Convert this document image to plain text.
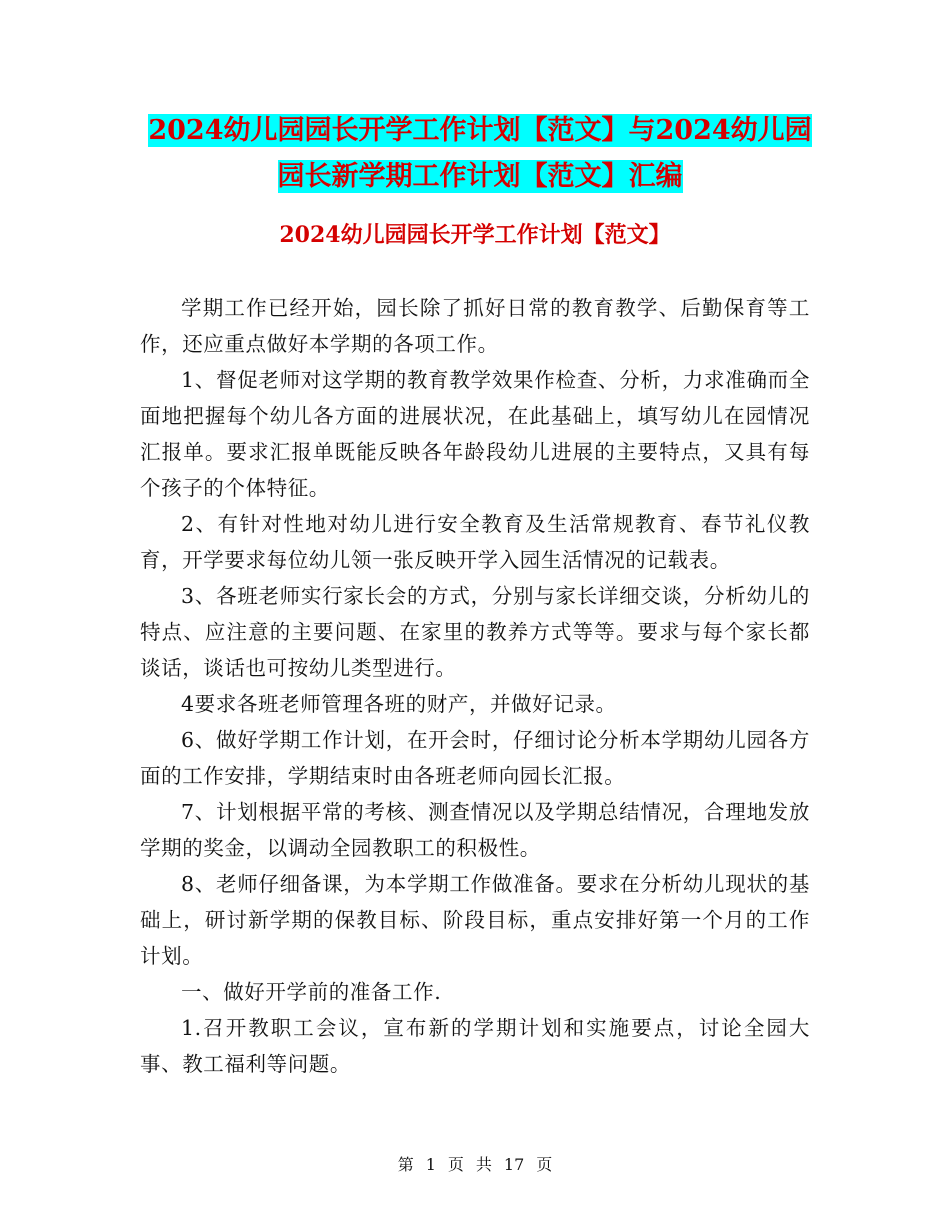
2024幼儿园园长开学工作计划【范文】与2024幼儿园
园长新学期工作计划【范文】汇编
2024幼儿园园长开学工作计划【范文】

学期工作已经开始，园长除了抓好日常的教育教学、后勤保育等工作，还应重点做好本学期的各项工作。

1、督促老师对这学期的教育教学效果作检查、分析，力求准确而全面地把握每个幼儿各方面的进展状况，在此基础上，填写幼儿在园情况汇报单。要求汇报单既能反映各年龄段幼儿进展的主要特点，又具有每个孩子的个体特征。

2、有针对性地对幼儿进行安全教育及生活常规教育、春节礼仪教育，开学要求每位幼儿领一张反映开学入园生活情况的记载表。

3、各班老师实行家长会的方式，分别与家长详细交谈，分析幼儿的特点、应注意的主要问题、在家里的教养方式等等。要求与每个家长都谈话，谈话也可按幼儿类型进行。

4要求各班老师管理各班的财产，并做好记录。

6、做好学期工作计划，在开会时，仔细讨论分析本学期幼儿园各方面的工作安排，学期结束时由各班老师向园长汇报。

7、计划根据平常的考核、测查情况以及学期总结情况，合理地发放学期的奖金，以调动全园教职工的积极性。

8、老师仔细备课，为本学期工作做准备。要求在分析幼儿现状的基础上，研讨新学期的保教目标、阶段目标，重点安排好第一个月的工作计划。

一、做好开学前的准备工作.

1.召开教职工会议，宣布新的学期计划和实施要点，讨论全园大事、教工福利等问题。

第 1 页 共 17 页
